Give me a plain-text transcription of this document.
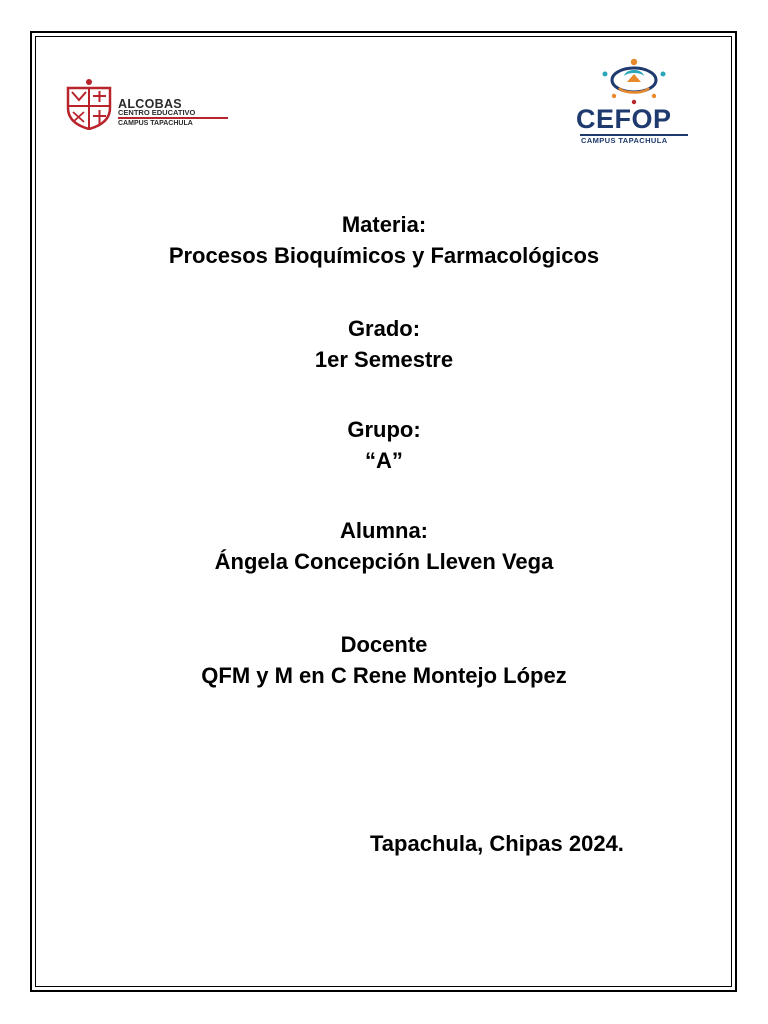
ALCOBAS
CENTRO EDUCATIVO
CAMPUS TAPACHULA	CEFOP
CAMPUS TAPACHULA
Materia:
Procesos Bioquímicos y Farmacológicos
Grado:
1er Semestre
Grupo:
“A”
Alumna:
Ángela Concepción Lleven Vega
Docente
QFM y M en C Rene Montejo López
Tapachula, Chipas 2024.
